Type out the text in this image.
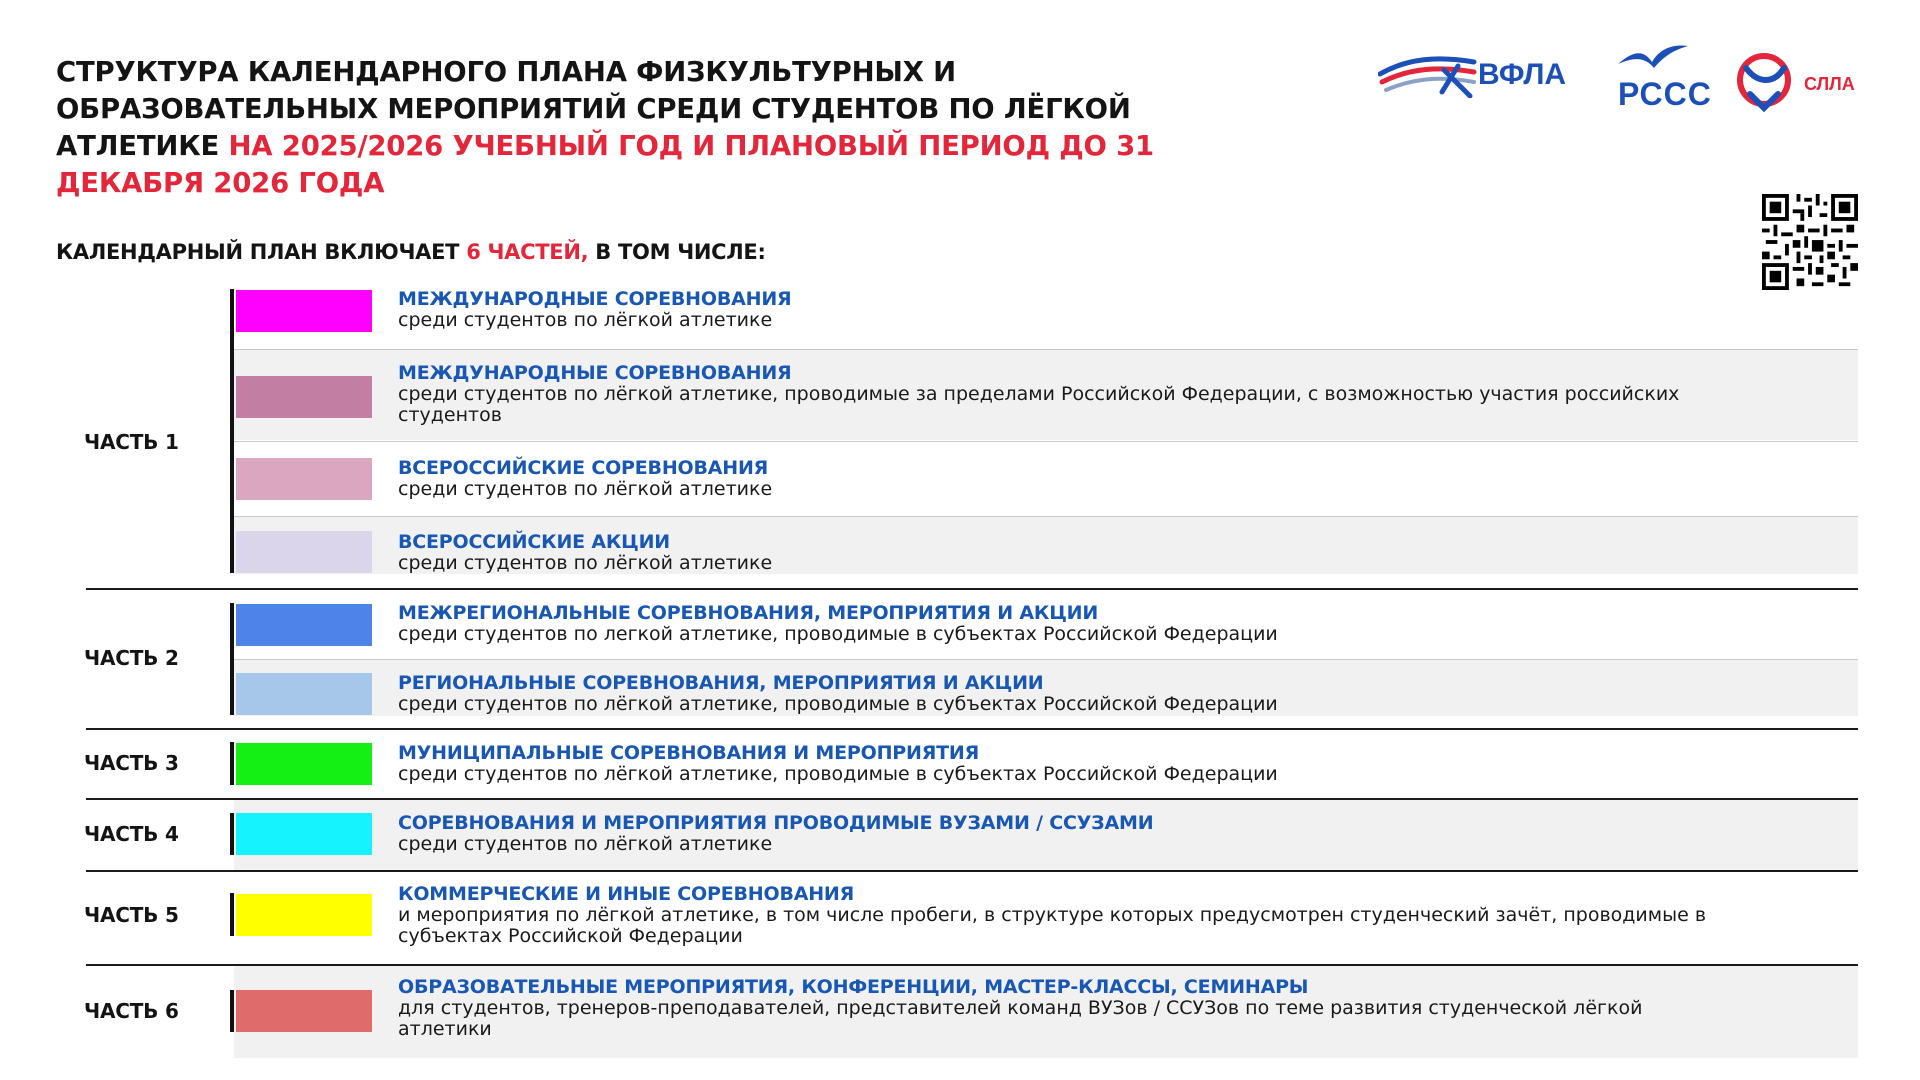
СТРУКТУРА КАЛЕНДАРНОГО ПЛАНА ФИЗКУЛЬТУРНЫХ И ОБРАЗОВАТЕЛЬНЫХ МЕРОПРИЯТИЙ СРЕДИ СТУДЕНТОВ ПО ЛЁГКОЙ АТЛЕТИКЕ НА 2025/2026 УЧЕБНЫЙ ГОД И ПЛАНОВЫЙ ПЕРИОД ДО 31 ДЕКАБРЯ 2026 ГОДА
ВФЛА
РССС	СЛЛА
КАЛЕНДАРНЫЙ ПЛАН ВКЛЮЧАЕТ 6 ЧАСТЕЙ, В ТОМ ЧИСЛЕ:
ЧАСТЬ 1
МЕЖДУНАРОДНЫЕ СОРЕВНОВАНИЯ
среди студентов по лёгкой атлетике
МЕЖДУНАРОДНЫЕ СОРЕВНОВАНИЯ
среди студентов по лёгкой атлетике, проводимые за пределами Российской Федерации, с возможностью участия российских студентов
ВСЕРОССИЙСКИЕ СОРЕВНОВАНИЯ
среди студентов по лёгкой атлетике
ВСЕРОССИЙСКИЕ АКЦИИ
среди студентов по лёгкой атлетике
ЧАСТЬ 2
МЕЖРЕГИОНАЛЬНЫЕ СОРЕВНОВАНИЯ, МЕРОПРИЯТИЯ И АКЦИИ
среди студентов по легкой атлетике, проводимые в субъектах Российской Федерации
РЕГИОНАЛЬНЫЕ СОРЕВНОВАНИЯ, МЕРОПРИЯТИЯ И АКЦИИ
среди студентов по лёгкой атлетике, проводимые в субъектах Российской Федерации
ЧАСТЬ 3	МУНИЦИПАЛЬНЫЕ СОРЕВНОВАНИЯ И МЕРОПРИЯТИЯ
среди студентов по лёгкой атлетике, проводимые в субъектах Российской Федерации
ЧАСТЬ 4	СОРЕВНОВАНИЯ И МЕРОПРИЯТИЯ ПРОВОДИМЫЕ ВУЗАМИ / ССУЗАМИ
среди студентов по лёгкой атлетике
ЧАСТЬ 5
КОММЕРЧЕСКИЕ И ИНЫЕ СОРЕВНОВАНИЯ
и мероприятия по лёгкой атлетике, в том числе пробеги, в структуре которых предусмотрен студенческий зачёт, проводимые в субъектах Российской Федерации
ЧАСТЬ 6
ОБРАЗОВАТЕЛЬНЫЕ МЕРОПРИЯТИЯ, КОНФЕРЕНЦИИ, МАСТЕР-КЛАССЫ, СЕМИНАРЫ
для студентов, тренеров-преподавателей, представителей команд ВУЗов / ССУЗов по теме развития студенческой лёгкой атлетики
